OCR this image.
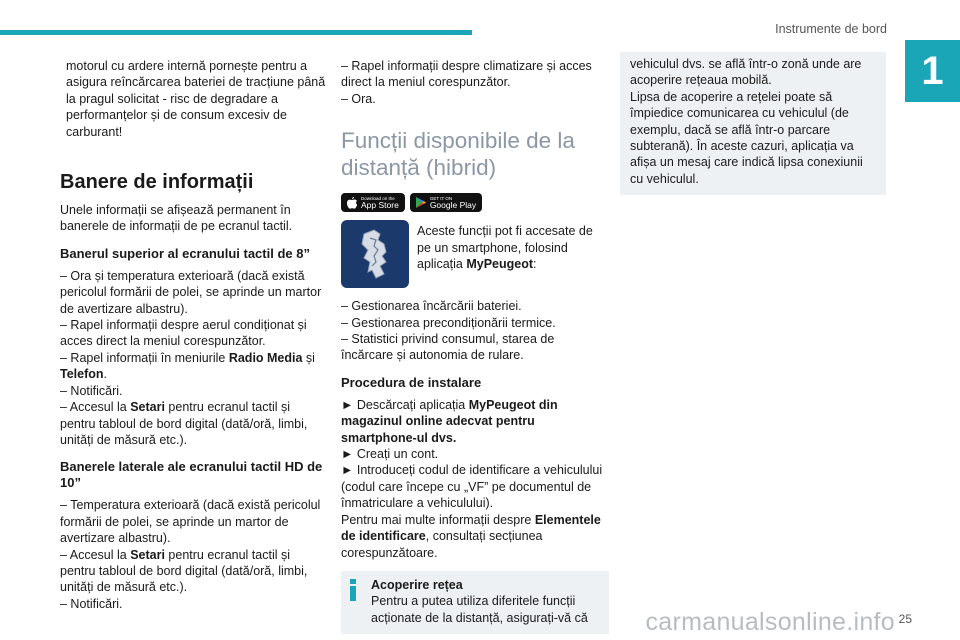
Instrumente de bord
1

motorul cu ardere internă pornește pentru a asigura reîncărcarea bateriei de tracțiune până la pragul solicitat - risc de degradare a performanțelor și de consum excesiv de carburant!

Banere de informații

Unele informații se afișează permanent în banerele de informații de pe ecranul tactil.

Banerul superior al ecranului tactil de 8”

– Ora și temperatura exterioară (dacă există pericolul formării de polei, se aprinde un martor de avertizare albastru).

– Rapel informații despre aerul condiționat și acces direct la meniul corespunzător.

– Rapel informații în meniurile Radio Media și Telefon.

– Notificări.

– Accesul la Setari pentru ecranul tactil și pentru tabloul de bord digital (dată/oră, limbi, unități de măsură etc.).

Banerele laterale ale ecranului tactil HD de 10”

– Temperatura exterioară (dacă există pericolul formării de polei, se aprinde un martor de avertizare albastru).

– Accesul la Setari pentru ecranul tactil și pentru tabloul de bord digital (dată/oră, limbi, unități de măsură etc.).

– Notificări.

– Rapel informații despre climatizare și acces direct la meniul corespunzător.

– Ora.

Funcții disponibile de la distanță (hibrid)
Download on the
App Store
GET IT ON
Google Play
Aceste funcții pot fi accesate de pe un smartphone, folosind aplicația MyPeugeot:

– Gestionarea încărcării bateriei.

– Gestionarea precondiționării termice.

– Statistici privind consumul, starea de încărcare și autonomia de rulare.

Procedura de instalare

► Descărcați aplicația MyPeugeot din magazinul online adecvat pentru smartphone-ul dvs.

► Creați un cont.

► Introduceți codul de identificare a vehiculului (codul care începe cu „VF” pe documentul de înmatriculare a vehiculului).

Pentru mai multe informații despre Elementele de identificare, consultați secțiunea corespunzătoare.

Acoperire rețea
Pentru a putea utiliza diferitele funcții acționate de la distanță, asigurați-vă că

vehiculul dvs. se află într-o zonă unde are acoperire rețeaua mobilă.

Lipsa de acoperire a rețelei poate să împiedice comunicarea cu vehiculul (de exemplu, dacă se află într-o parcare subterană). În aceste cazuri, aplicația va afișa un mesaj care indică lipsa conexiunii cu vehiculul.

carmanualsonline.info 25
